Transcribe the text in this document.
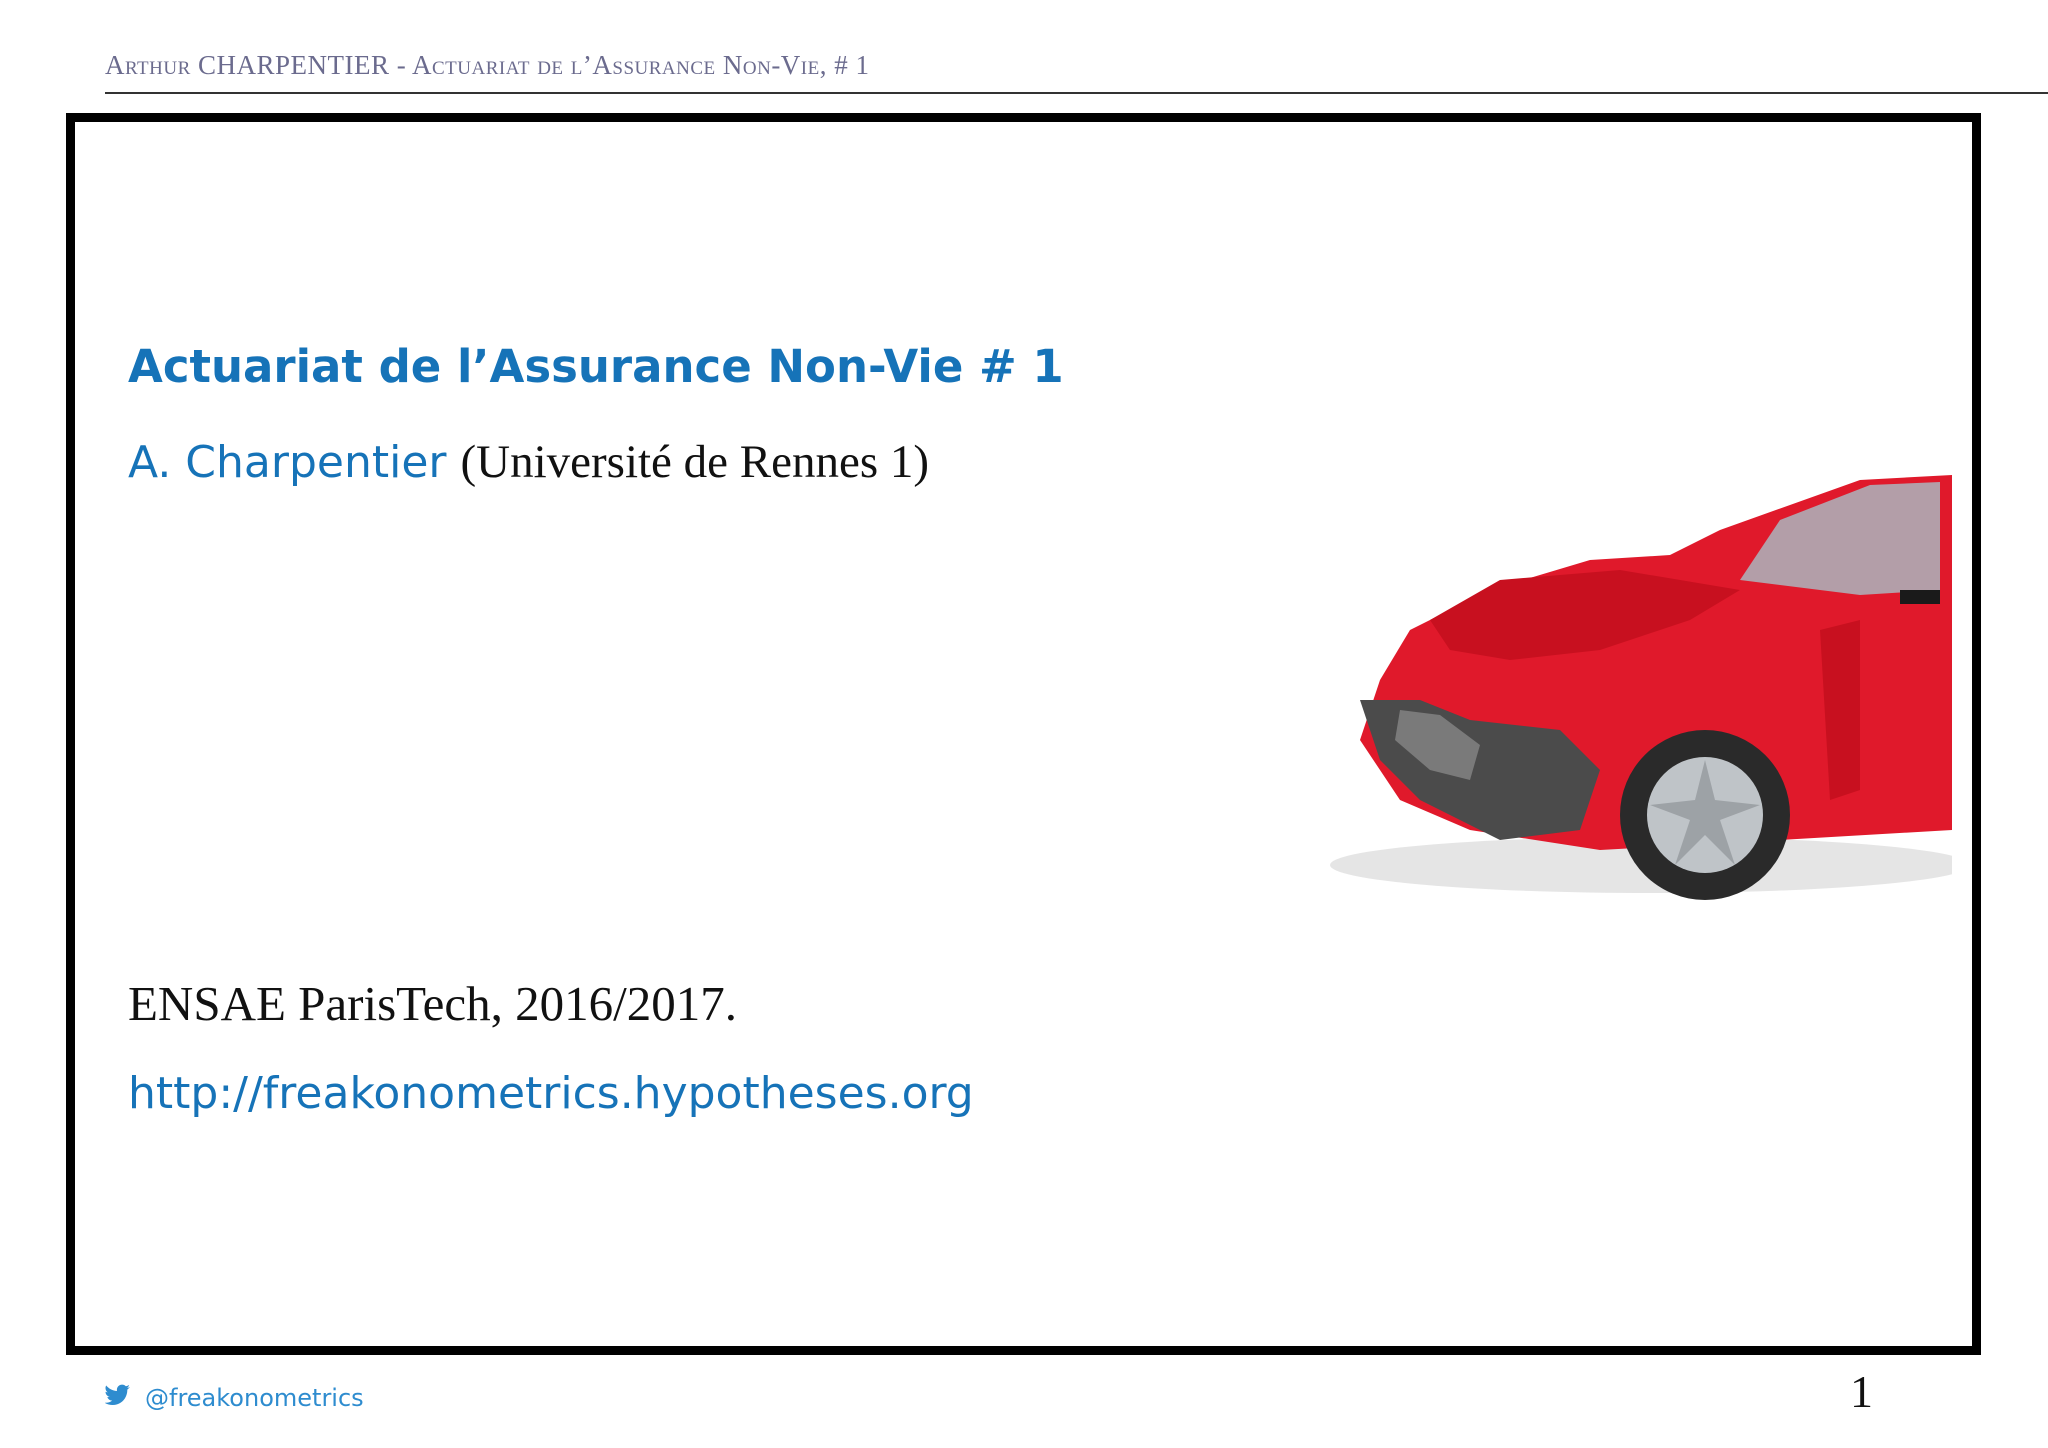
Arthur CHARPENTIER - Actuariat de l’Assurance Non-Vie, # 1
Actuariat de l’Assurance Non-Vie # 1
A. Charpentier (Université de Rennes 1)
ENSAE ParisTech, 2016/2017.
http://freakonometrics.hypotheses.org
@freakonometrics	1
